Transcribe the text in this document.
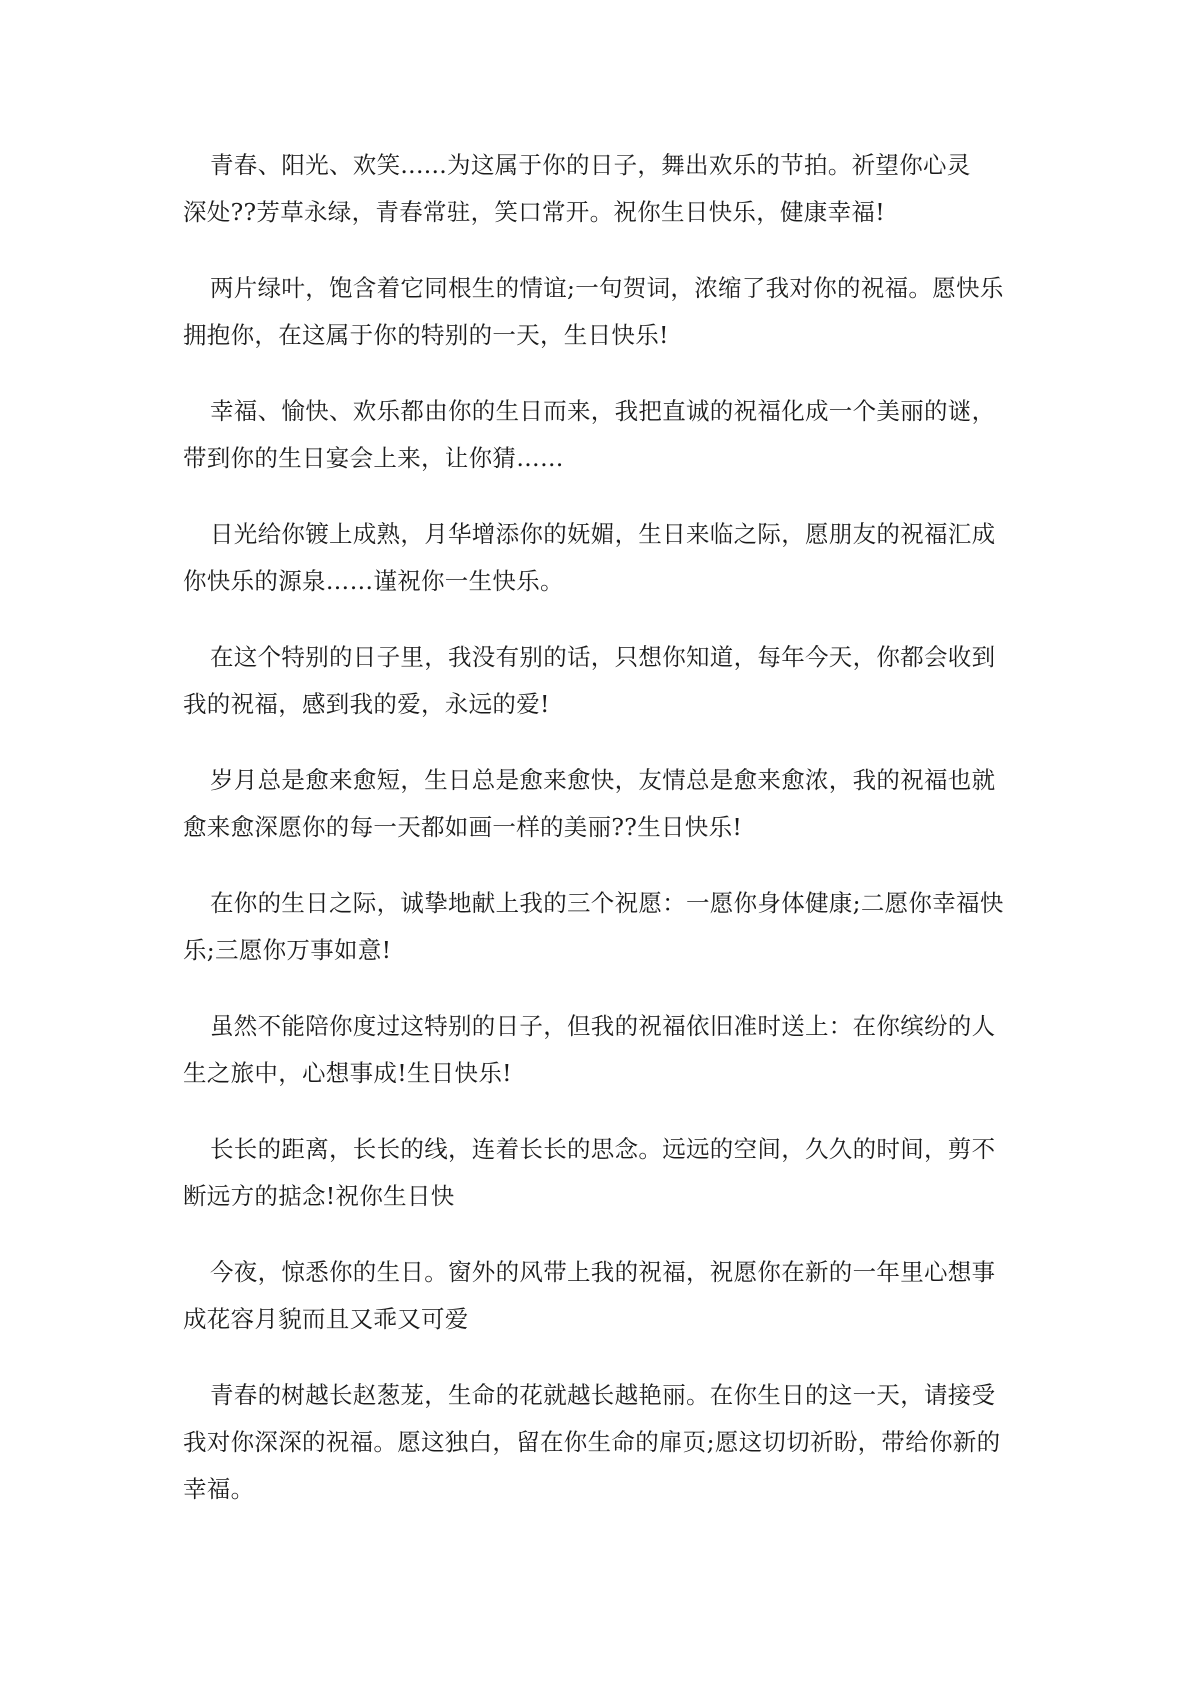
青春、阳光、欢笑......为这属于你的日子，舞出欢乐的节拍。祈望你心灵
深处??芳草永绿，青春常驻，笑口常开。祝你生日快乐，健康幸福!

两片绿叶，饱含着它同根生的情谊;一句贺词，浓缩了我对你的祝福。愿快乐
拥抱你，在这属于你的特别的一天，生日快乐!

幸福、愉快、欢乐都由你的生日而来，我把直诚的祝福化成一个美丽的谜，
带到你的生日宴会上来，让你猜……

日光给你镀上成熟，月华增添你的妩媚，生日来临之际，愿朋友的祝福汇成
你快乐的源泉……谨祝你一生快乐。

在这个特别的日子里，我没有别的话，只想你知道，每年今天，你都会收到
我的祝福，感到我的爱，永远的爱!

岁月总是愈来愈短，生日总是愈来愈快，友情总是愈来愈浓，我的祝福也就
愈来愈深愿你的每一天都如画一样的美丽??生日快乐!

在你的生日之际，诚挚地献上我的三个祝愿：一愿你身体健康;二愿你幸福快
乐;三愿你万事如意!

虽然不能陪你度过这特别的日子，但我的祝福依旧准时送上：在你缤纷的人
生之旅中，心想事成!生日快乐!

长长的距离，长长的线，连着长长的思念。远远的空间，久久的时间，剪不
断远方的掂念!祝你生日快

今夜，惊悉你的生日。窗外的风带上我的祝福，祝愿你在新的一年里心想事
成花容月貌而且又乖又可爱

青春的树越长赵葱茏，生命的花就越长越艳丽。在你生日的这一天，请接受
我对你深深的祝福。愿这独白，留在你生命的扉页;愿这切切祈盼，带给你新的
幸福。
